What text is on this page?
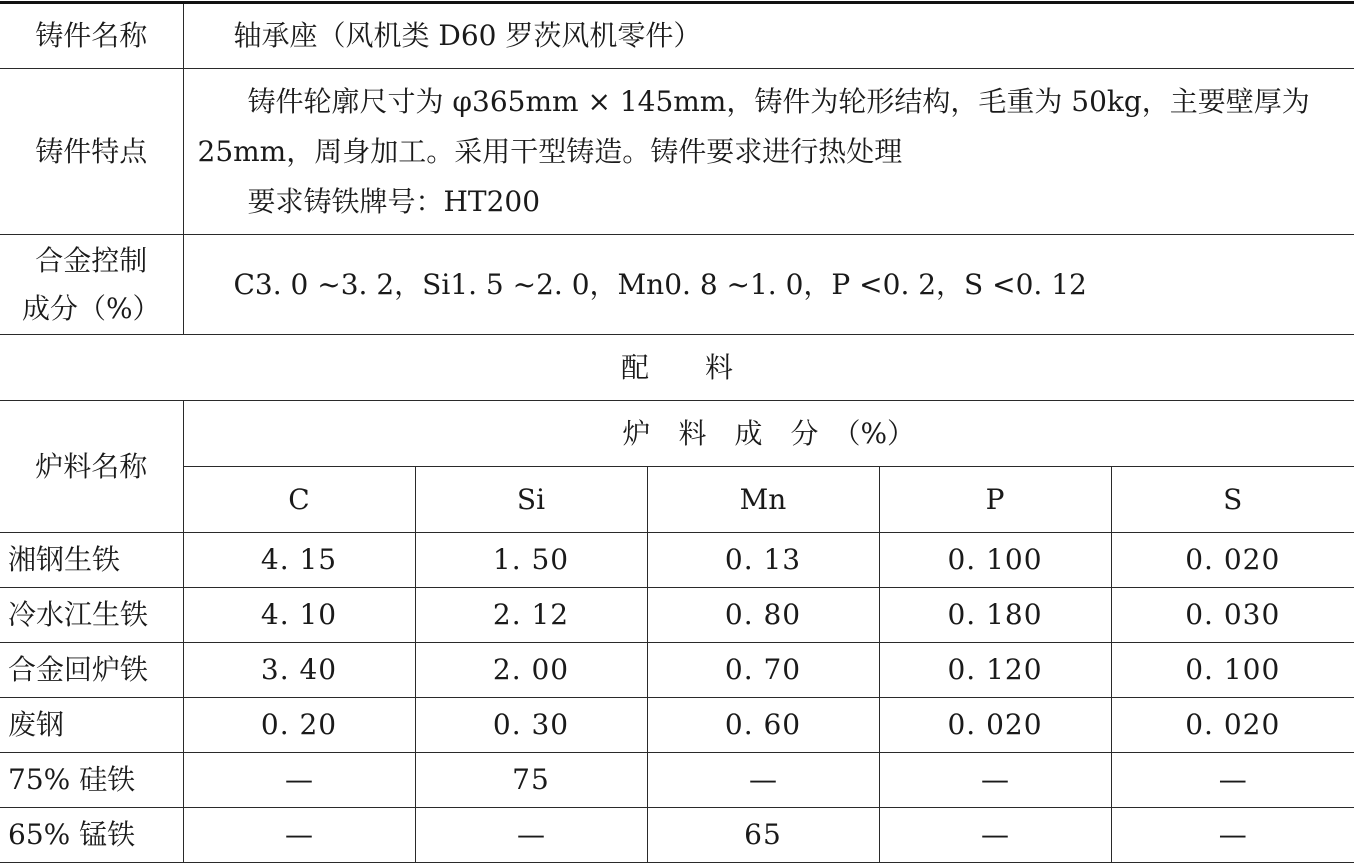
铸件名称	轴承座（风机类 D60 罗茨风机零件）				
铸件特点	铸件轮廓尺寸为 φ365mm × 145mm，铸件为轮形结构，毛重为 50kg，主要壁厚为 25mm，周身加工。采用干型铸造。铸件要求进行热处理

要求铸铁牌号：HT200				

合金控制
成分（%）	C3. 0 ~3. 2，Si1. 5 ~2. 0，Mn0. 8 ~1. 0，P <0. 2，S <0. 12				
配　　料					
炉料名称	炉　料　成　分　（%）				
	C	Si	Mn	P	S
湘钢生铁	4. 15	1. 50	0. 13	0. 100	0. 020
冷水江生铁	4. 10	2. 12	0. 80	0. 180	0. 030
合金回炉铁	3. 40	2. 00	0. 70	0. 120	0. 100
废钢	0. 20	0. 30	0. 60	0. 020	0. 020
75% 硅铁	—	75	—	—	—
65% 锰铁	—	—	65	—	—
